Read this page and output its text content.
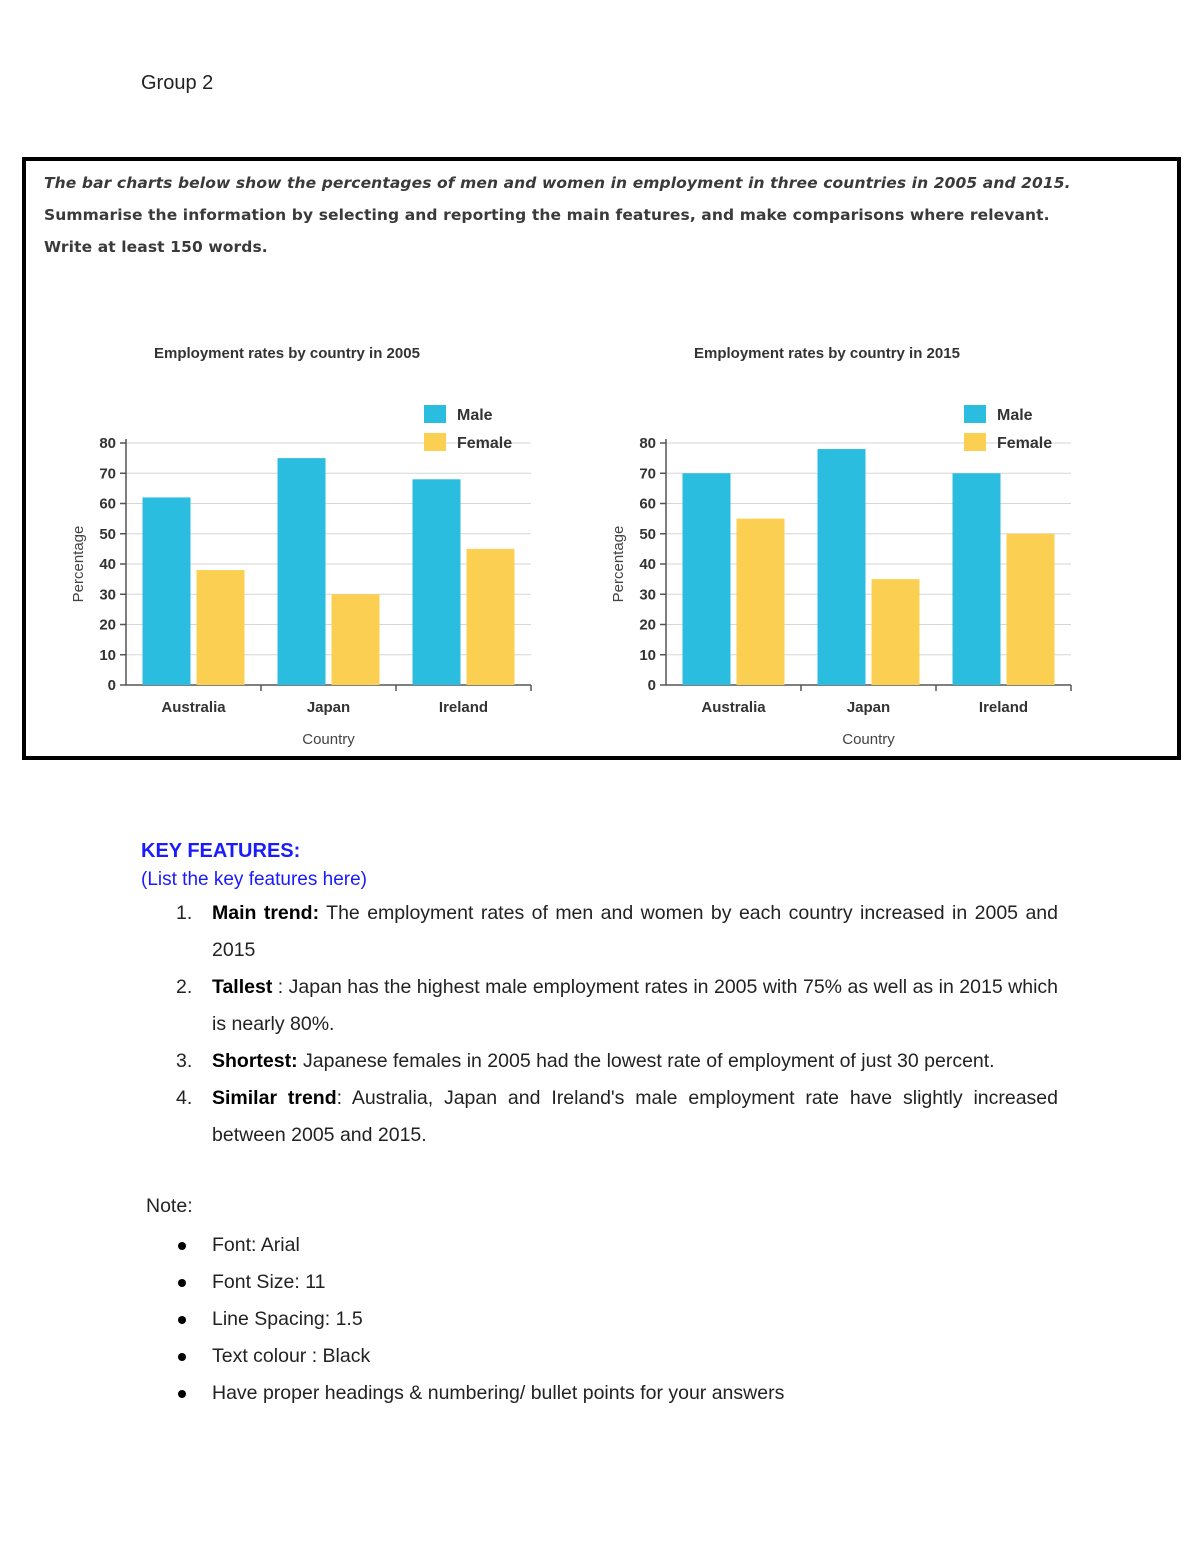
Group 2
The bar charts below show the percentages of men and women in employment in three countries in 2005 and 2015.
Summarise the information by selecting and reporting the main features, and make comparisons where relevant.
Write at least 150 words.
Employment rates by country in 2005
0
10
20
30
40
50
60
70
80
Percentage
Australia	Japan	Ireland
Country
Male
Female
Employment rates by country in 2015
0
10
20
30
40
50
60
70
80
Percentage
Australia	Japan	Ireland
Country
Male
Female
KEY FEATURES:
(List the key features here)
1. Main trend: The employment rates of men and women by each country increased in 2005 and 2015
2. Tallest : Japan has the highest male employment rates in 2005 with 75% as well as in 2015 which is nearly 80%.
3. Shortest: Japanese females in 2005 had the lowest rate of employment of just 30 percent.
4. Similar trend: Australia, Japan and Ireland's male employment rate have slightly increased between 2005 and 2015.
Note:
Font: Arial
Font Size: 11
Line Spacing: 1.5
Text colour : Black
Have proper headings & numbering/ bullet points for your answers
